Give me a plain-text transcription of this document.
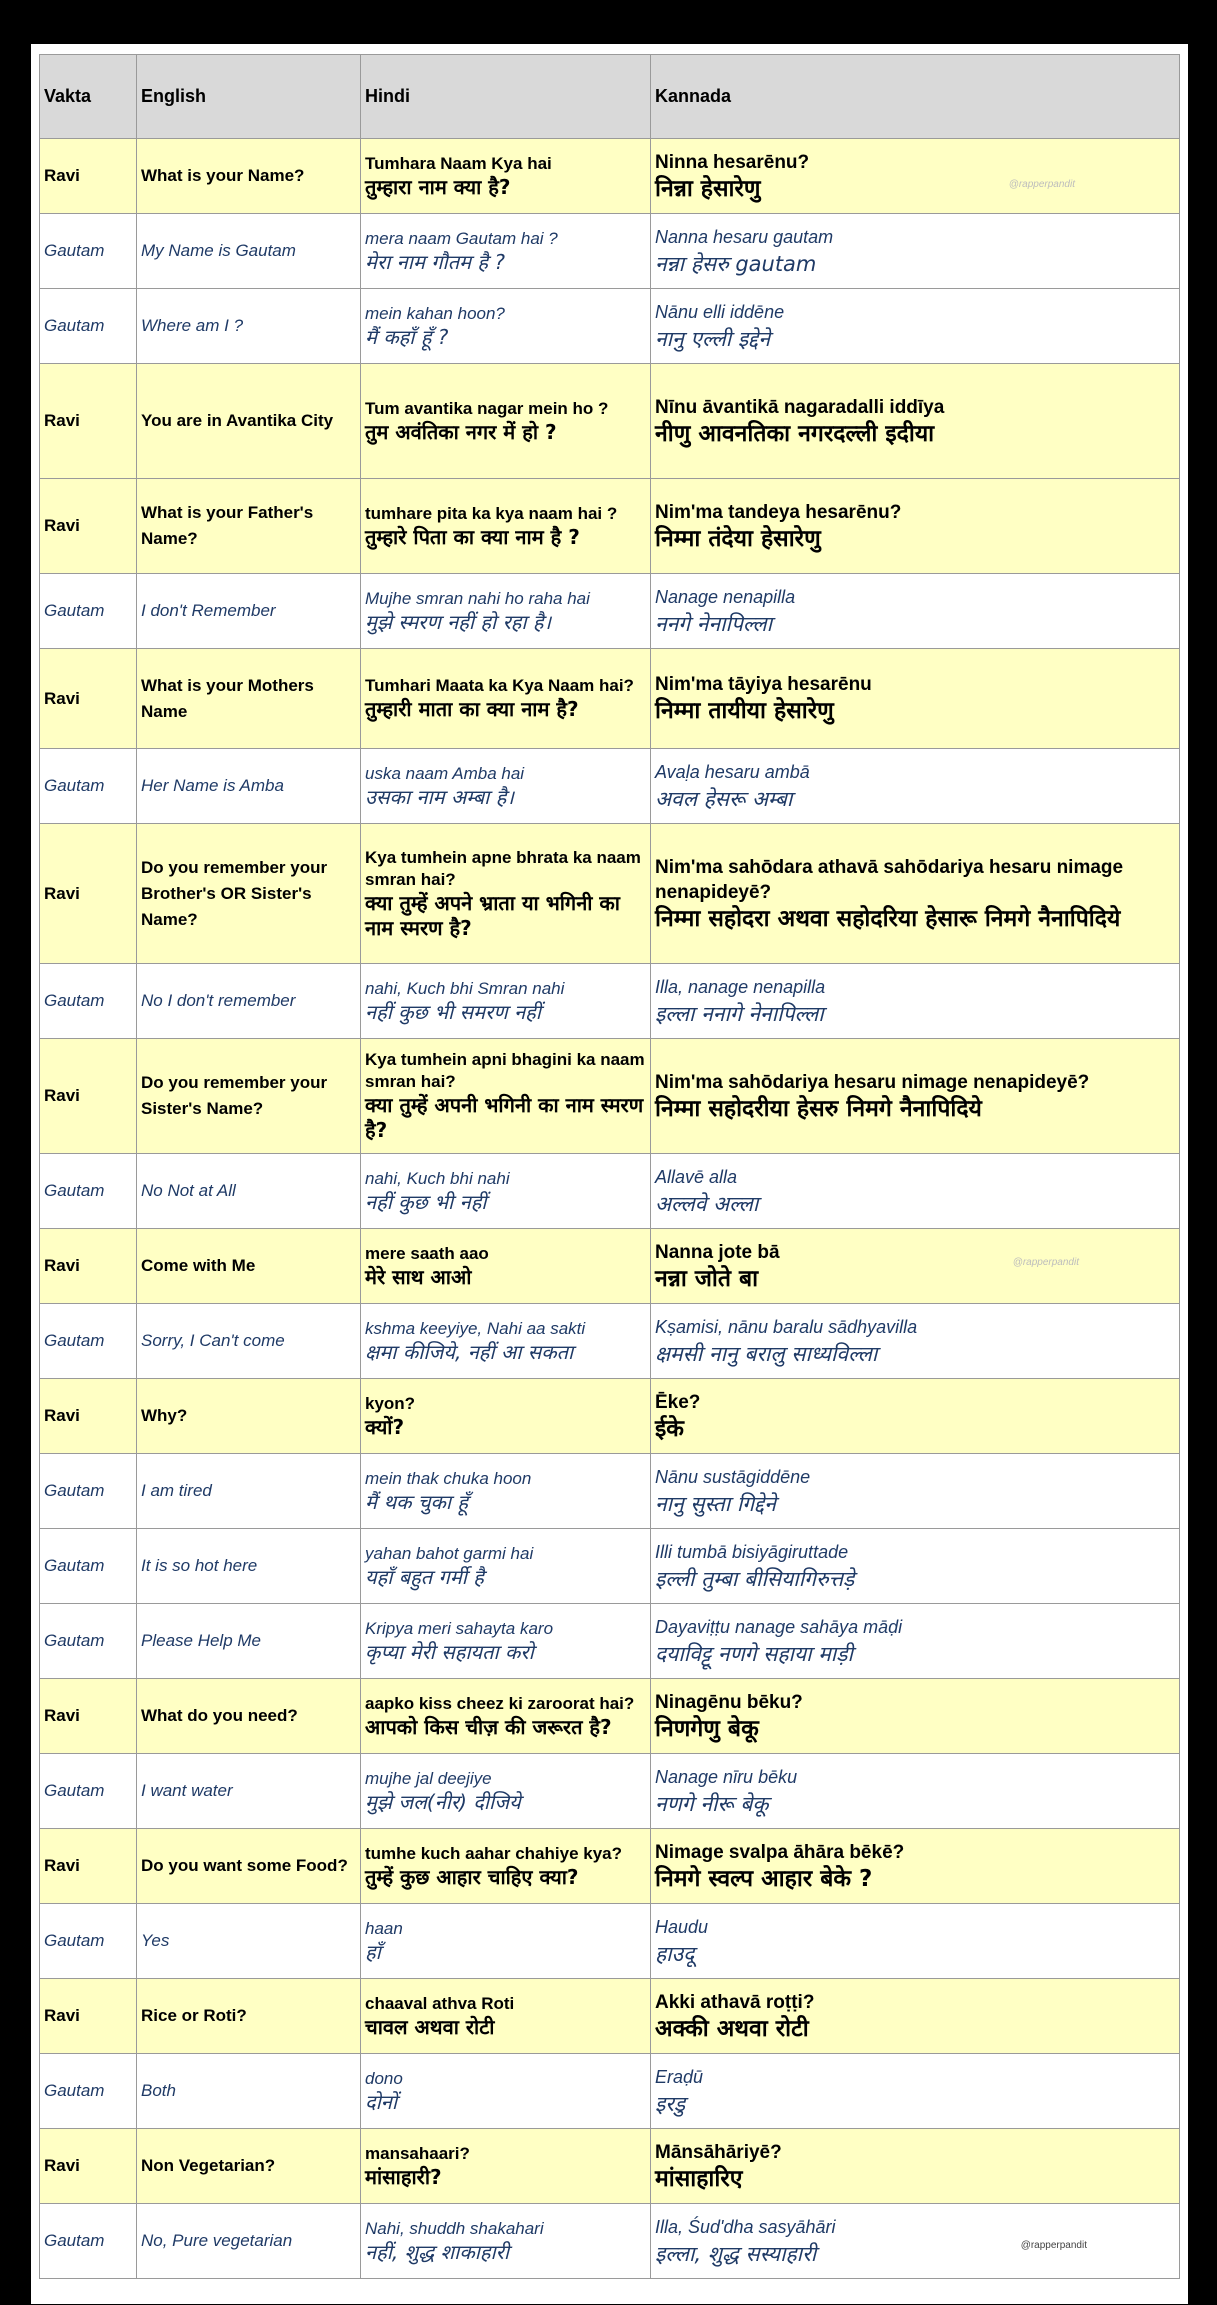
Vakta	English	Hindi	Kannada
Ravi	What is your Name?	Tumhara Naam Kya hai
तुम्हारा नाम क्या है?	Ninna hesarēnu?
निन्ना हेसारेणु @rapperpandit

Gautam	My Name is Gautam	mera naam Gautam hai ?
मेरा नाम गौतम है ?	Nanna hesaru gautam
नन्ना हेसरु gautam

Gautam	Where am I ?	mein kahan hoon?
मैं कहाँ हूँ ?	Nānu elli iddēne
नानु एल्ली इद्देने

Ravi	You are in Avantika City	Tum avantika nagar mein ho ?
तुम अवंतिका नगर में हो ?	Nīnu āvantikā nagaradalli iddīya
नीणु आवनतिका नगरदल्ली इदीया

Ravi	What is your Father's Name?	tumhare pita ka kya naam hai ?
तुम्हारे पिता का क्या नाम है ?	Nim'ma tandeya hesarēnu?
निम्मा तंदेया हेसारेणु

Gautam	I don't Remember	Mujhe smran nahi ho raha hai
मुझे स्मरण नहीं हो रहा है।	Nanage nenapilla
ननगे नेनापिल्ला

Ravi	What is your Mothers Name	Tumhari Maata ka Kya Naam hai?
तुम्हारी माता का क्या नाम है?	Nim'ma tāyiya hesarēnu
निम्मा तायीया हेसारेणु

Gautam	Her Name is Amba	uska naam Amba hai
उसका नाम अम्बा है।	Avaḷa hesaru ambā
अवल हेसरू अम्बा

Ravi	Do you remember your Brother's OR Sister's Name?	Kya tumhein apne bhrata ka naam smran hai?
क्या तुम्हें अपने भ्राता या भगिनी का नाम स्मरण है?	Nim'ma sahōdara athavā sahōdariya hesaru nimage nenapideyē?
निम्मा सहोदरा अथवा सहोदरिया हेसारू निमगे नैनापिदिये

Gautam	No I don't remember	nahi, Kuch bhi Smran nahi
नहीं कुछ भी समरण नहीं	Illa, nanage nenapilla
इल्ला ननागे नेनापिल्ला

Ravi	Do you remember your Sister's Name?	Kya tumhein apni bhagini ka naam smran hai?
क्या तुम्हें अपनी भगिनी का नाम स्मरण है?	Nim'ma sahōdariya hesaru nimage nenapideyē?
निम्मा सहोदरीया हेसरु निमगे नैनापिदिये

Gautam	No Not at All	nahi, Kuch bhi nahi
नहीं कुछ भी नहीं	Allavē alla
अल्लवे अल्ला

Ravi	Come with Me	mere saath aao
मेरे साथ आओ	Nanna jote bā
नन्ना जोते बा
@rapperpandit

Gautam	Sorry, I Can't come	kshma keeyiye, Nahi aa sakti
क्षमा कीजिये, नहीं आ सकता	Kṣamisi, nānu baralu sādhyavilla
क्षमसी नानु बरालु साध्यविल्ला

Ravi	Why?	kyon?
क्यों?	Ēke?
ईके

Gautam	I am tired	mein thak chuka hoon
मैं थक चुका हूँ	Nānu sustāgiddēne
नानु सुस्ता गिद्देने

Gautam	It is so hot here	yahan bahot garmi hai
यहाँ बहुत गर्मी है	Illi tumbā bisiyāgiruttade
इल्ली तुम्बा बीसियागिरुत्तड़े

Gautam	Please Help Me	Kripya meri sahayta karo
कृप्या मेरी सहायता करो	Dayaviṭṭu nanage sahāya māḍi
दयाविट्टू नणगे सहाया माड़ी

Ravi	What do you need?	aapko kiss cheez ki zaroorat hai?
आपको किस चीज़ की जरूरत है?	Ninagēnu bēku?
निणगेणु बेकू

Gautam	I want water	mujhe jal deejiye
मुझे जल(नीर) दीजिये	Nanage nīru bēku
नणगे नीरू बेकू

Ravi	Do you want some Food?	tumhe kuch aahar chahiye kya?
तुम्हें कुछ आहार चाहिए क्या?	Nimage svalpa āhāra bēkē?
निमगे स्वल्प आहार बेके ?

Gautam	Yes	haan
हाँ	Haudu
हाउदू

Ravi	Rice or Roti?	chaaval athva Roti
चावल अथवा रोटी	Akki athavā roṭṭi?
अक्की अथवा रोटी

Gautam	Both	dono
दोनों	Eraḍū
इरडु

Ravi	Non Vegetarian?	mansahaari?
मांसाहारी?	Mānsāhāriyē?
मांसाहारिए

Gautam	No, Pure vegetarian	Nahi, shuddh shakahari
नहीं, शुद्ध शाकाहारी	Illa, Śud'dha sasyāhāri
इल्ला, शुद्ध सस्याहारी @rapperpandit
